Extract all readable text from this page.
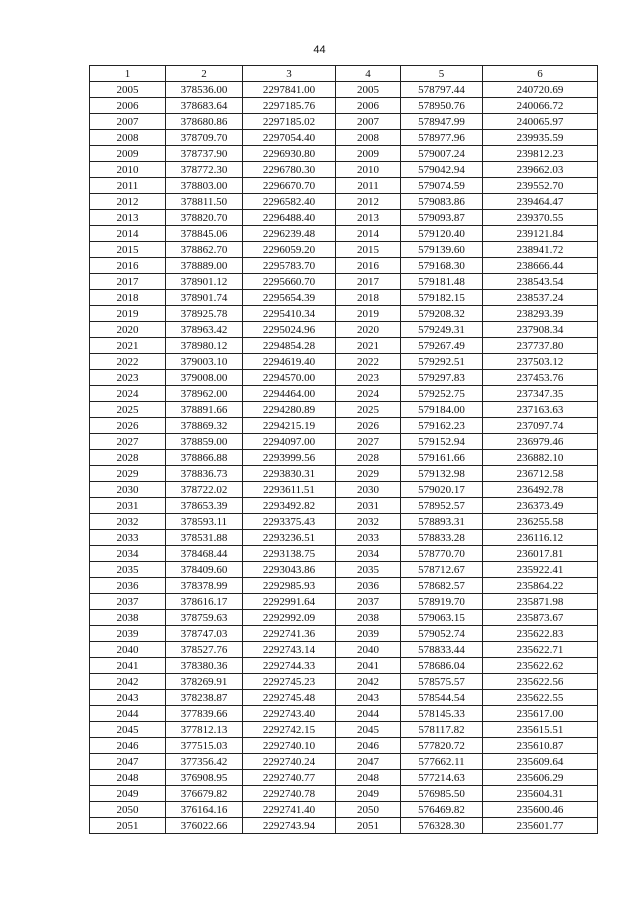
44
1	2	3	4	5	6
2005	378536.00	2297841.00	2005	578797.44	240720.69
2006	378683.64	2297185.76	2006	578950.76	240066.72
2007	378680.86	2297185.02	2007	578947.99	240065.97
2008	378709.70	2297054.40	2008	578977.96	239935.59
2009	378737.90	2296930.80	2009	579007.24	239812.23
2010	378772.30	2296780.30	2010	579042.94	239662.03
2011	378803.00	2296670.70	2011	579074.59	239552.70
2012	378811.50	2296582.40	2012	579083.86	239464.47
2013	378820.70	2296488.40	2013	579093.87	239370.55
2014	378845.06	2296239.48	2014	579120.40	239121.84
2015	378862.70	2296059.20	2015	579139.60	238941.72
2016	378889.00	2295783.70	2016	579168.30	238666.44
2017	378901.12	2295660.70	2017	579181.48	238543.54
2018	378901.74	2295654.39	2018	579182.15	238537.24
2019	378925.78	2295410.34	2019	579208.32	238293.39
2020	378963.42	2295024.96	2020	579249.31	237908.34
2021	378980.12	2294854.28	2021	579267.49	237737.80
2022	379003.10	2294619.40	2022	579292.51	237503.12
2023	379008.00	2294570.00	2023	579297.83	237453.76
2024	378962.00	2294464.00	2024	579252.75	237347.35
2025	378891.66	2294280.89	2025	579184.00	237163.63
2026	378869.32	2294215.19	2026	579162.23	237097.74
2027	378859.00	2294097.00	2027	579152.94	236979.46
2028	378866.88	2293999.56	2028	579161.66	236882.10
2029	378836.73	2293830.31	2029	579132.98	236712.58
2030	378722.02	2293611.51	2030	579020.17	236492.78
2031	378653.39	2293492.82	2031	578952.57	236373.49
2032	378593.11	2293375.43	2032	578893.31	236255.58
2033	378531.88	2293236.51	2033	578833.28	236116.12
2034	378468.44	2293138.75	2034	578770.70	236017.81
2035	378409.60	2293043.86	2035	578712.67	235922.41
2036	378378.99	2292985.93	2036	578682.57	235864.22
2037	378616.17	2292991.64	2037	578919.70	235871.98
2038	378759.63	2292992.09	2038	579063.15	235873.67
2039	378747.03	2292741.36	2039	579052.74	235622.83
2040	378527.76	2292743.14	2040	578833.44	235622.71
2041	378380.36	2292744.33	2041	578686.04	235622.62
2042	378269.91	2292745.23	2042	578575.57	235622.56
2043	378238.87	2292745.48	2043	578544.54	235622.55
2044	377839.66	2292743.40	2044	578145.33	235617.00
2045	377812.13	2292742.15	2045	578117.82	235615.51
2046	377515.03	2292740.10	2046	577820.72	235610.87
2047	377356.42	2292740.24	2047	577662.11	235609.64
2048	376908.95	2292740.77	2048	577214.63	235606.29
2049	376679.82	2292740.78	2049	576985.50	235604.31
2050	376164.16	2292741.40	2050	576469.82	235600.46
2051	376022.66	2292743.94	2051	576328.30	235601.77
